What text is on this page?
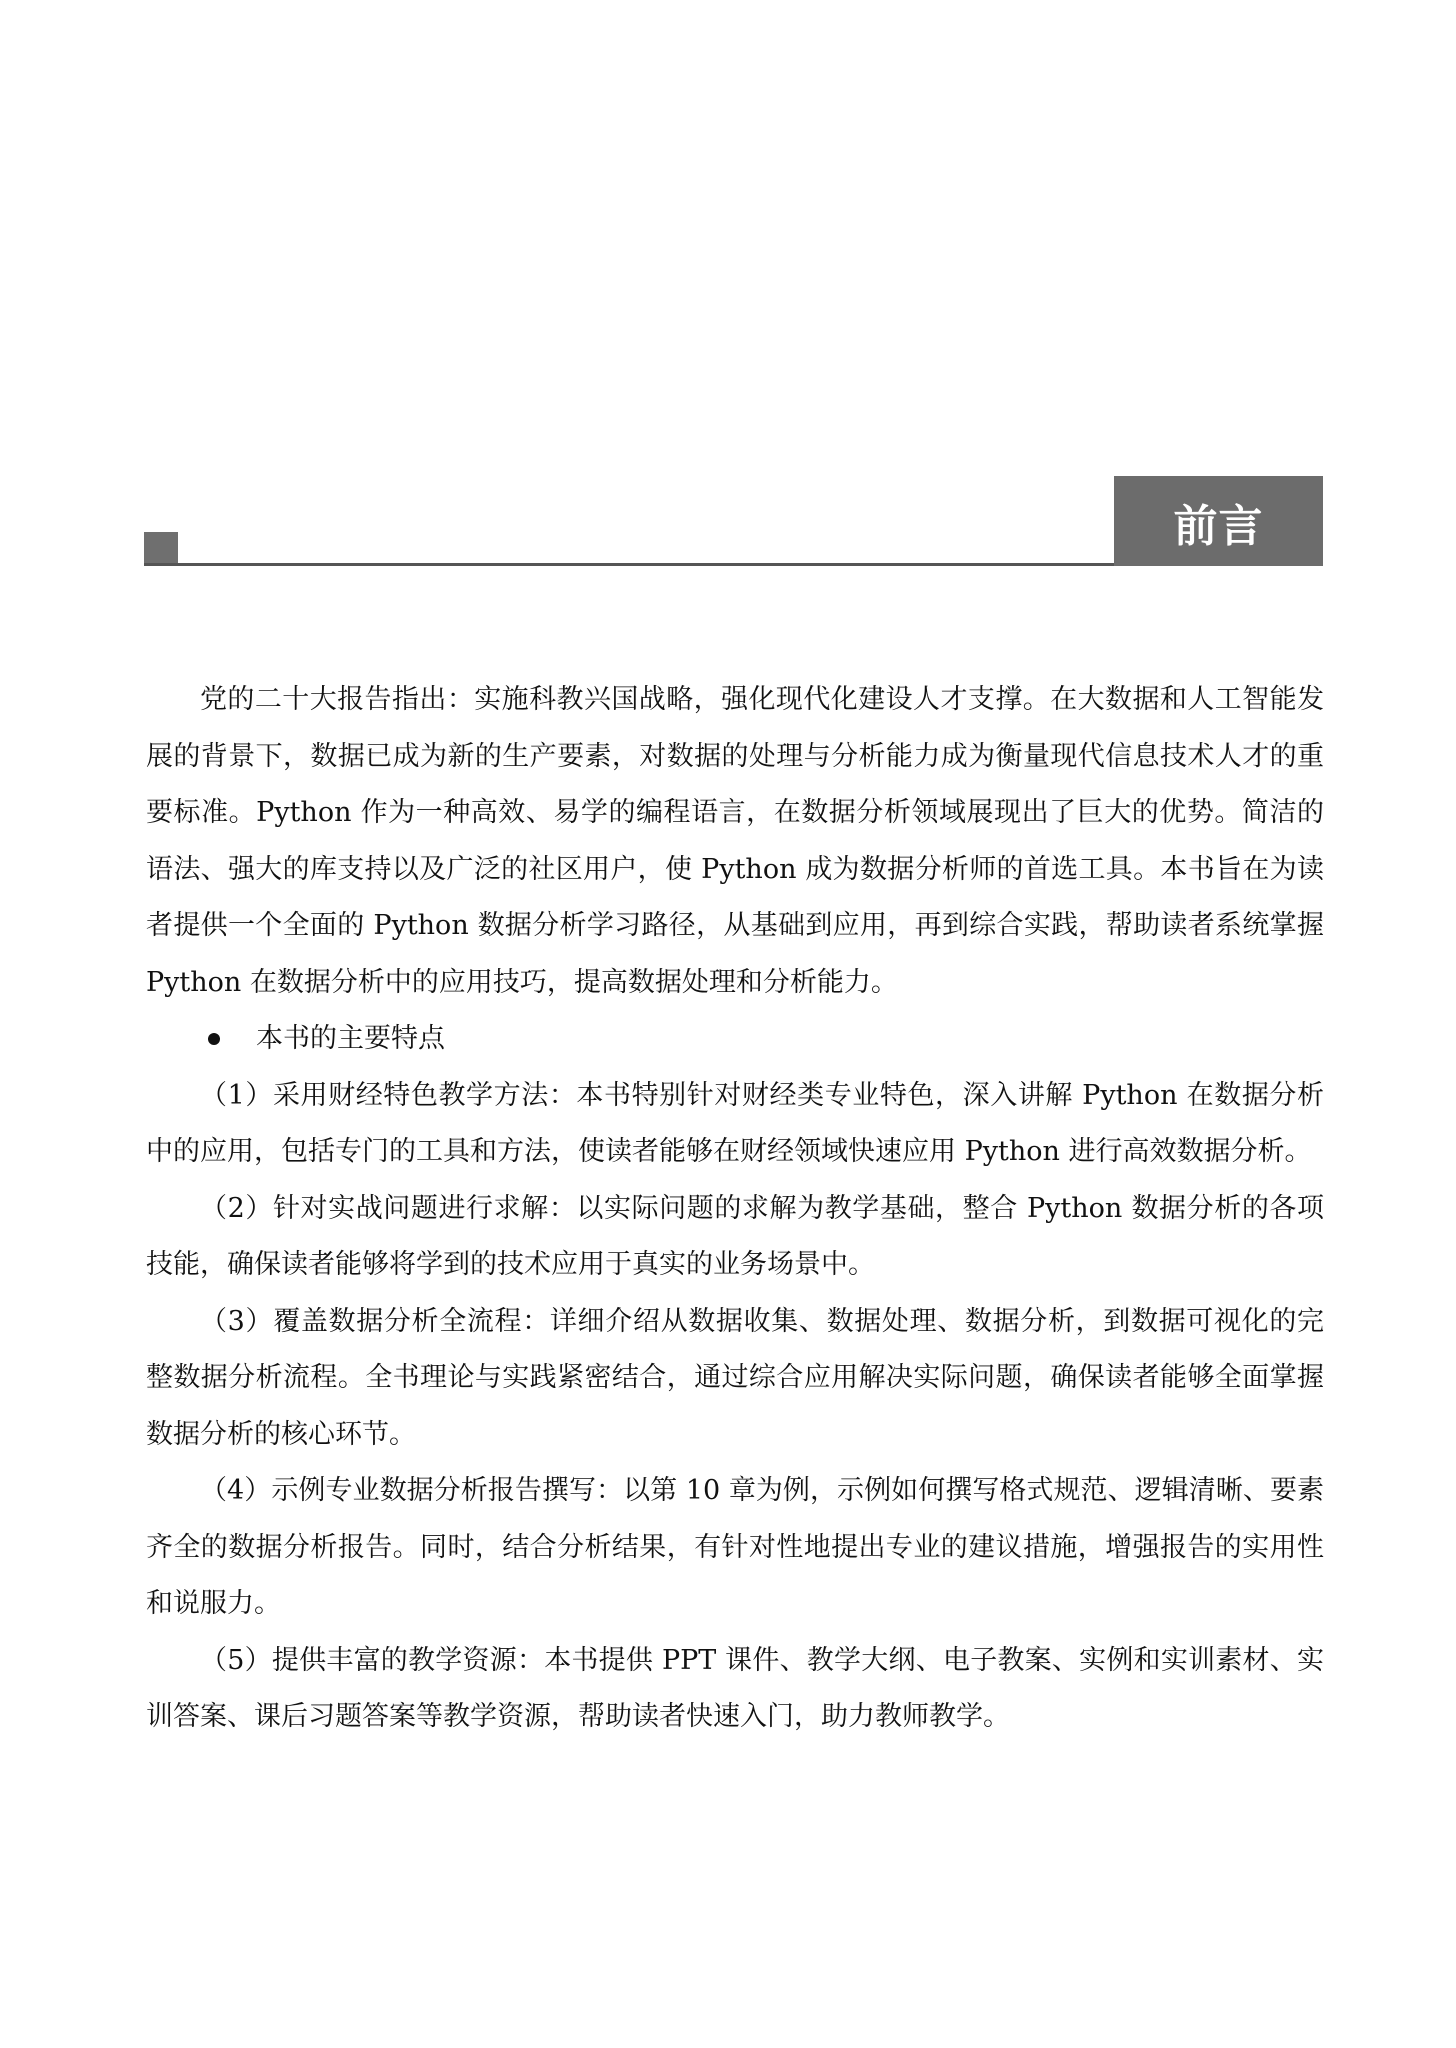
前言

党的二十大报告指出：实施科教兴国战略，强化现代化建设人才支撑。在大数据和人工智能发展的背景下，数据已成为新的生产要素，对数据的处理与分析能力成为衡量现代信息技术人才的重要标准。Python 作为一种高效、易学的编程语言，在数据分析领域展现出了巨大的优势。简洁的语法、强大的库支持以及广泛的社区用户，使 Python 成为数据分析师的首选工具。本书旨在为读者提供一个全面的 Python 数据分析学习路径，从基础到应用，再到综合实践，帮助读者系统掌握 Python 在数据分析中的应用技巧，提高数据处理和分析能力。

本书的主要特点

（1）采用财经特色教学方法：本书特别针对财经类专业特色，深入讲解 Python 在数据分析中的应用，包括专门的工具和方法，使读者能够在财经领域快速应用 Python 进行高效数据分析。

（2）针对实战问题进行求解：以实际问题的求解为教学基础，整合 Python 数据分析的各项技能，确保读者能够将学到的技术应用于真实的业务场景中。

（3）覆盖数据分析全流程：详细介绍从数据收集、数据处理、数据分析，到数据可视化的完整数据分析流程。全书理论与实践紧密结合，通过综合应用解决实际问题，确保读者能够全面掌握数据分析的核心环节。

（4）示例专业数据分析报告撰写：以第 10 章为例，示例如何撰写格式规范、逻辑清晰、要素齐全的数据分析报告。同时，结合分析结果，有针对性地提出专业的建议措施，增强报告的实用性和说服力。

（5）提供丰富的教学资源：本书提供 PPT 课件、教学大纲、电子教案、实例和实训素材、实训答案、课后习题答案等教学资源，帮助读者快速入门，助力教师教学。
